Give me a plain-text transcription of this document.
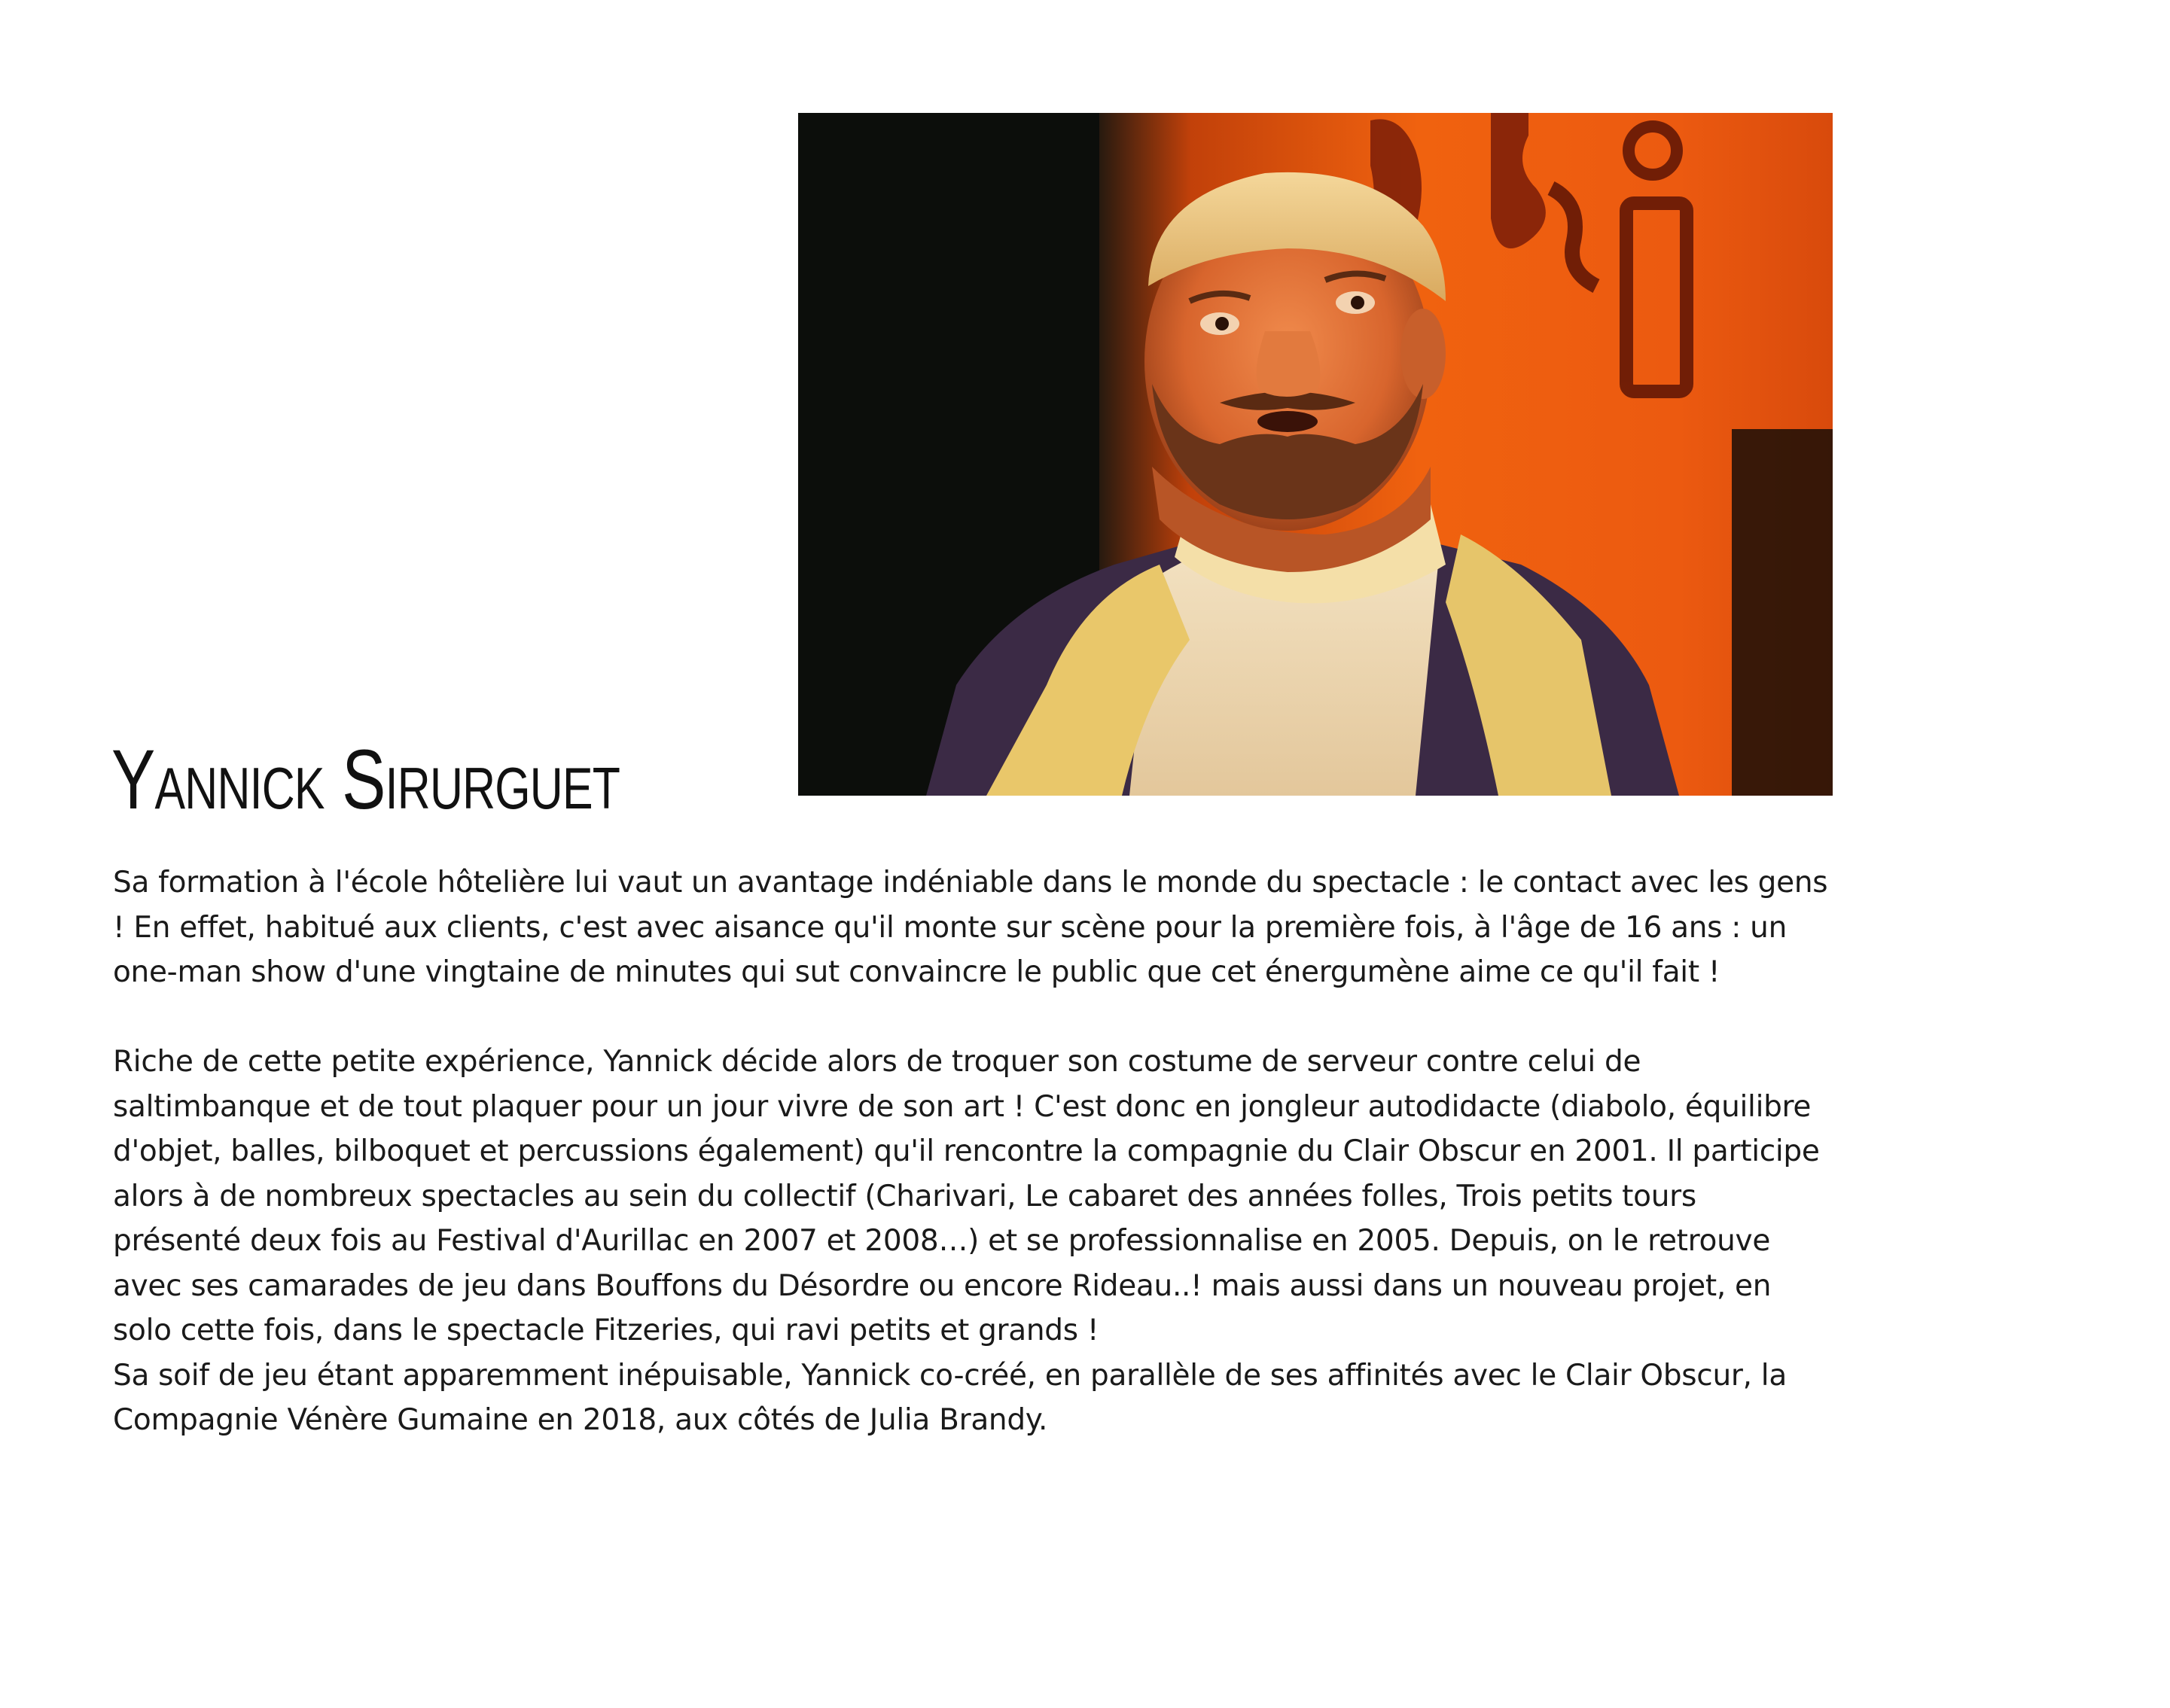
Yannick Sirurguet
Jidi Naim

Sa formation à l'école hôtelière lui vaut un avantage indéniable dans le monde du spectacle : le contact avec les gens ! En effet, habitué aux clients, c'est avec aisance qu'il monte sur scène pour la première fois, à l'âge de 16 ans : un one-man show d'une vingtaine de minutes qui sut convaincre le public que cet énergumène aime ce qu'il fait !

Riche de cette petite expérience, Yannick décide alors de troquer son costume de serveur contre celui de saltimbanque et de tout plaquer pour un jour vivre de son art ! C'est donc en jongleur autodidacte (diabolo, équilibre d'objet, balles, bilboquet et percussions également) qu'il rencontre la compagnie du Clair Obscur en 2001. Il participe alors à de nombreux spectacles au sein du collectif (Charivari, Le cabaret des années folles, Trois petits tours présenté deux fois au Festival d'Aurillac en 2007 et 2008…) et se professionnalise en 2005. Depuis, on le retrouve avec ses camarades de jeu dans Bouffons du Désordre ou encore Rideau..! mais aussi dans un nouveau projet, en solo cette fois, dans le spectacle Fitzeries, qui ravi petits et grands !

Sa soif de jeu étant apparemment inépuisable, Yannick co-créé, en parallèle de ses affinités avec le Clair Obscur, la Compagnie Vénère Gumaine en 2018, aux côtés de Julia Brandy.
